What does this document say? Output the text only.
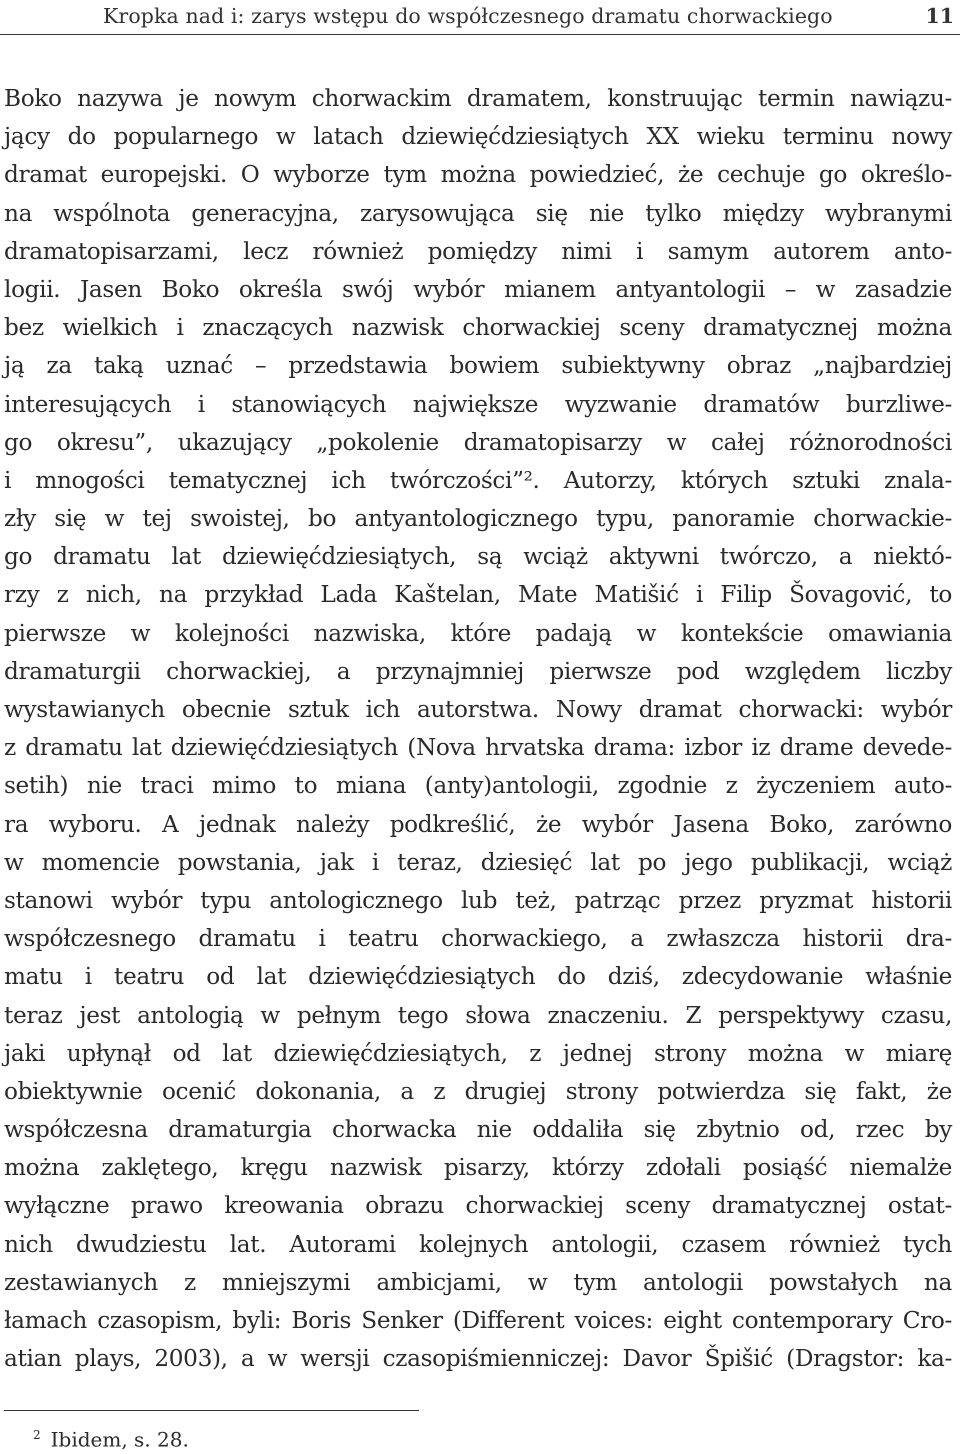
Kropka nad i: zarys wstępu do współczesnego dramatu chorwackiego	11
Boko nazywa je nowym chorwackim dramatem, konstruując termin nawiązu-
jący do popularnego w latach dziewięćdziesiątych XX wieku terminu nowy
dramat europejski. O wyborze tym można powiedzieć, że cechuje go określo-
na wspólnota generacyjna, zarysowująca się nie tylko między wybranymi
dramatopisarzami, lecz również pomiędzy nimi i samym autorem anto-
logii. Jasen Boko określa swój wybór mianem antyantologii – w zasadzie
bez wielkich i znaczących nazwisk chorwackiej sceny dramatycznej można
ją za taką uznać – przedstawia bowiem subiektywny obraz „najbardziej
interesujących i stanowiących największe wyzwanie dramatów burzliwe-
go okresu”, ukazujący „pokolenie dramatopisarzy w całej różnorodności
i mnogości tematycznej ich twórczości”². Autorzy, których sztuki znala-
zły się w tej swoistej, bo antyantologicznego typu, panoramie chorwackie-
go dramatu lat dziewięćdziesiątych, są wciąż aktywni twórczo, a niektó-
rzy z nich, na przykład Lada Kaštelan, Mate Matišić i Filip Šovagović, to
pierwsze w kolejności nazwiska, które padają w kontekście omawiania
dramaturgii chorwackiej, a przynajmniej pierwsze pod względem liczby
wystawianych obecnie sztuk ich autorstwa. Nowy dramat chorwacki: wybór
z dramatu lat dziewięćdziesiątych (Nova hrvatska drama: izbor iz drame devede-
setih) nie traci mimo to miana (anty)antologii, zgodnie z życzeniem auto-
ra wyboru. A jednak należy podkreślić, że wybór Jasena Boko, zarówno
w momencie powstania, jak i teraz, dziesięć lat po jego publikacji, wciąż
stanowi wybór typu antologicznego lub też, patrząc przez pryzmat historii
współczesnego dramatu i teatru chorwackiego, a zwłaszcza historii dra-
matu i teatru od lat dziewięćdziesiątych do dziś, zdecydowanie właśnie
teraz jest antologią w pełnym tego słowa znaczeniu. Z perspektywy czasu,
jaki upłynął od lat dziewięćdziesiątych, z jednej strony można w miarę
obiektywnie ocenić dokonania, a z drugiej strony potwierdza się fakt, że
współczesna dramaturgia chorwacka nie oddaliła się zbytnio od, rzec by
można zaklętego, kręgu nazwisk pisarzy, którzy zdołali posiąść niemalże
wyłączne prawo kreowania obrazu chorwackiej sceny dramatycznej ostat-
nich dwudziestu lat. Autorami kolejnych antologii, czasem również tych
zestawianych z mniejszymi ambicjami, w tym antologii powstałych na
łamach czasopism, byli: Boris Senker (Different voices: eight contemporary Cro-
atian plays, 2003), a w wersji czasopiśmienniczej: Davor Špišić (Dragstor: ka-
$^2$ Ibidem, s. 28.
